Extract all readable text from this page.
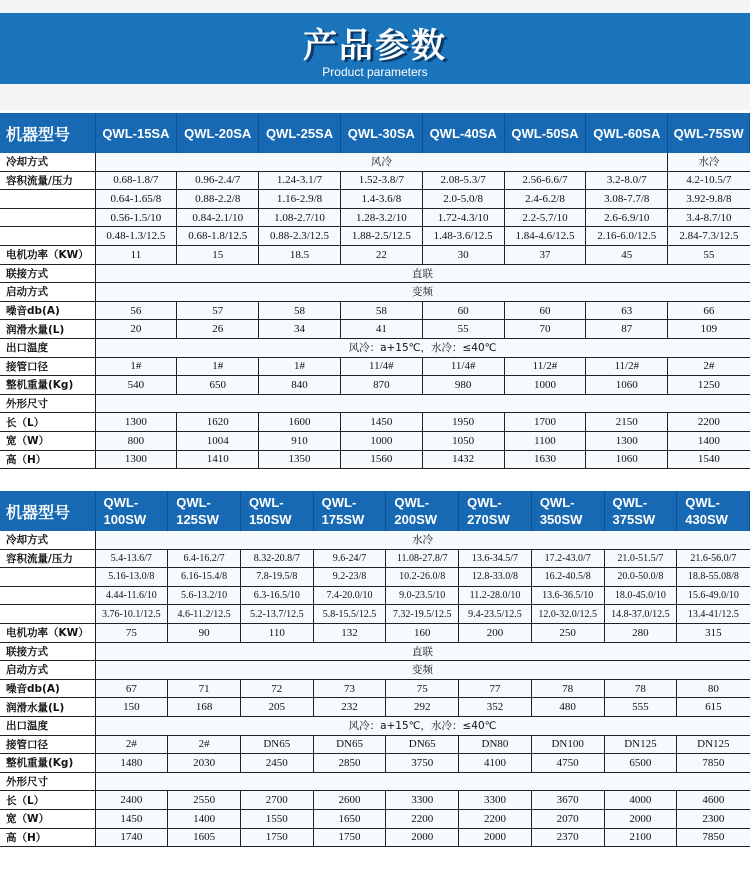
产品参数
Product parameters
机器型号	QWL-15SA	QWL-20SA	QWL-25SA	QWL-30SA	QWL-40SA	QWL-50SA	QWL-60SA	QWL-75SW
冷却方式	风冷							水冷
容积流量/压力	0.68-1.8/7	0.96-2.4/7	1.24-3.1/7	1.52-3.8/7	2.08-5.3/7	2.56-6.6/7	3.2-8.0/7	4.2-10.5/7
	0.64-1.65/8	0.88-2.2/8	1.16-2.9/8	1.4-3.6/8	2.0-5.0/8	2.4-6.2/8	3.08-7.7/8	3.92-9.8/8
	0.56-1.5/10	0.84-2.1/10	1.08-2.7/10	1.28-3.2/10	1.72-4.3/10	2.2-5.7/10	2.6-6.9/10	3.4-8.7/10
	0.48-1.3/12.5	0.68-1.8/12.5	0.88-2.3/12.5	1.88-2.5/12.5	1.48-3.6/12.5	1.84-4.6/12.5	2.16-6.0/12.5	2.84-7.3/12.5
电机功率（KW）	11	15	18.5	22	30	37	45	55
联接方式	直联							
启动方式	变频							
噪音db(A)	56	57	58	58	60	60	63	66
润滑水量(L)	20	26	34	41	55	70	87	109
出口温度	风冷：a+15℃，水冷：≤40℃							
接管口径	1#	1#	1#	11/4#	11/4#	11/2#	11/2#	2#
整机重量(Kg)	540	650	840	870	980	1000	1060	1250
外形尺寸								
长（L）	1300	1620	1600	1450	1950	1700	2150	2200
宽（W）	800	1004	910	1000	1050	1100	1300	1400
高（H）	1300	1410	1350	1560	1432	1630	1060	1540
机器型号	QWL-100SW	QWL-125SW	QWL-150SW	QWL-175SW	QWL-200SW	QWL-270SW	QWL-350SW	QWL-375SW	QWL-430SW
冷却方式	水冷								
容积流量/压力	5.4-13.6/7	6.4-16.2/7	8.32-20.8/7	9.6-24/7	11.08-27.8/7	13.6-34.5/7	17.2-43.0/7	21.0-51.5/7	21.6-56.0/7
	5.16-13.0/8	6.16-15.4/8	7.8-19.5/8	9.2-23/8	10.2-26.0/8	12.8-33.0/8	16.2-40.5/8	20.0-50.0/8	18.8-55.08/8
	4.44-11.6/10	5.6-13.2/10	6.3-16.5/10	7.4-20.0/10	9.0-23.5/10	11.2-28.0/10	13.6-36.5/10	18.0-45.0/10	15.6-49.0/10
	3.76-10.1/12.5	4.6-11.2/12.5	5.2-13.7/12.5	5.8-15.5/12.5	7.32-19.5/12.5	9.4-23.5/12.5	12.0-32.0/12.5	14.8-37.0/12.5	13.4-41/12.5
电机功率（KW）	75	90	110	132	160	200	250	280	315
联接方式	直联								
启动方式	变频								
噪音db(A)	67	71	72	73	75	77	78	78	80
润滑水量(L)	150	168	205	232	292	352	480	555	615
出口温度	风冷：a+15℃，水冷：≤40℃								
接管口径	2#	2#	DN65	DN65	DN65	DN80	DN100	DN125	DN125
整机重量(Kg)	1480	2030	2450	2850	3750	4100	4750	6500	7850
外形尺寸									
长（L）	2400	2550	2700	2600	3300	3300	3670	4000	4600
宽（W）	1450	1400	1550	1650	2200	2200	2070	2000	2300
高（H）	1740	1605	1750	1750	2000	2000	2370	2100	7850
